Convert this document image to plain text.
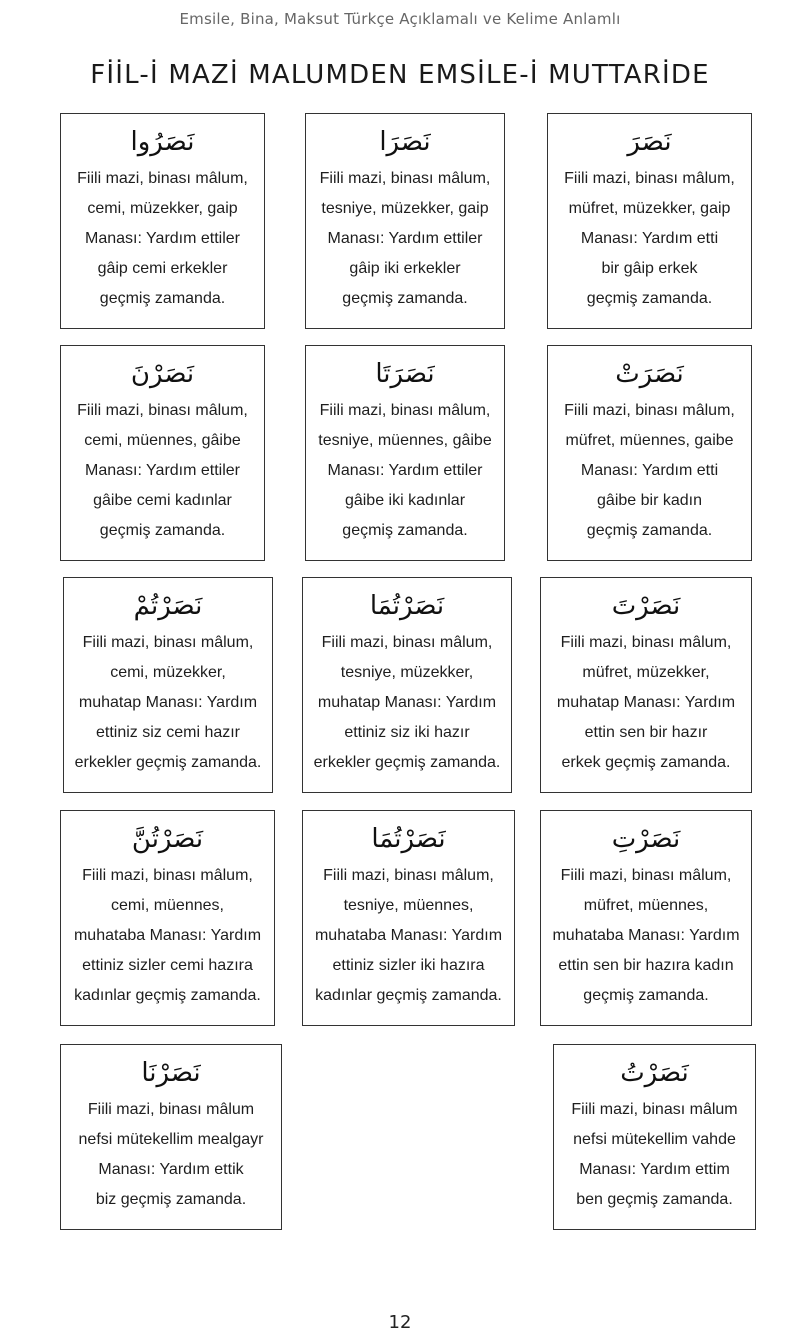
Emsile, Bina, Maksut Türkçe Açıklamalı ve Kelime Anlamlı
FİİL-İ MAZİ MALUMDEN EMSİLE-İ MUTTARİDE
نَصَرُوا
Fiili mazi, binası mâlum,
cemi, müzekker, gaip
Manası: Yardım ettiler
gâip cemi erkekler
geçmiş zamanda.
نَصَرَا
Fiili mazi, binası mâlum,
tesniye, müzekker, gaip
Manası: Yardım ettiler
gâip iki erkekler
geçmiş zamanda.
نَصَرَ
Fiili mazi, binası mâlum,
müfret, müzekker, gaip
Manası: Yardım etti
bir gâip erkek
geçmiş zamanda.
نَصَرْنَ
Fiili mazi, binası mâlum,
cemi, müennes, gâibe
Manası: Yardım ettiler
gâibe cemi kadınlar
geçmiş zamanda.
نَصَرَتَا
Fiili mazi, binası mâlum,
tesniye, müennes, gâibe
Manası: Yardım ettiler
gâibe iki kadınlar
geçmiş zamanda.
نَصَرَتْ
Fiili mazi, binası mâlum,
müfret, müennes, gaibe
Manası: Yardım etti
gâibe bir kadın
geçmiş zamanda.
نَصَرْتُمْ
Fiili mazi, binası mâlum,
cemi, müzekker,
muhatap Manası: Yardım
ettiniz siz cemi hazır
erkekler geçmiş zamanda.
نَصَرْتُمَا
Fiili mazi, binası mâlum,
tesniye, müzekker,
muhatap Manası: Yardım
ettiniz siz iki hazır
erkekler geçmiş zamanda.
نَصَرْتَ
Fiili mazi, binası mâlum,
müfret, müzekker,
muhatap Manası: Yardım
ettin sen bir hazır
erkek geçmiş zamanda.
نَصَرْتُنَّ
Fiili mazi, binası mâlum,
cemi, müennes,
muhataba Manası: Yardım
ettiniz sizler cemi hazıra
kadınlar geçmiş zamanda.
نَصَرْتُمَا
Fiili mazi, binası mâlum,
tesniye, müennes,
muhataba Manası: Yardım
ettiniz sizler iki hazıra
kadınlar geçmiş zamanda.
نَصَرْتِ
Fiili mazi, binası mâlum,
müfret, müennes,
muhataba Manası: Yardım
ettin sen bir hazıra kadın
geçmiş zamanda.
نَصَرْنَا
Fiili mazi, binası mâlum
nefsi mütekellim mealgayr
Manası: Yardım ettik
biz geçmiş zamanda.
نَصَرْتُ
Fiili mazi, binası mâlum
nefsi mütekellim vahde
Manası: Yardım ettim
ben geçmiş zamanda.
12
